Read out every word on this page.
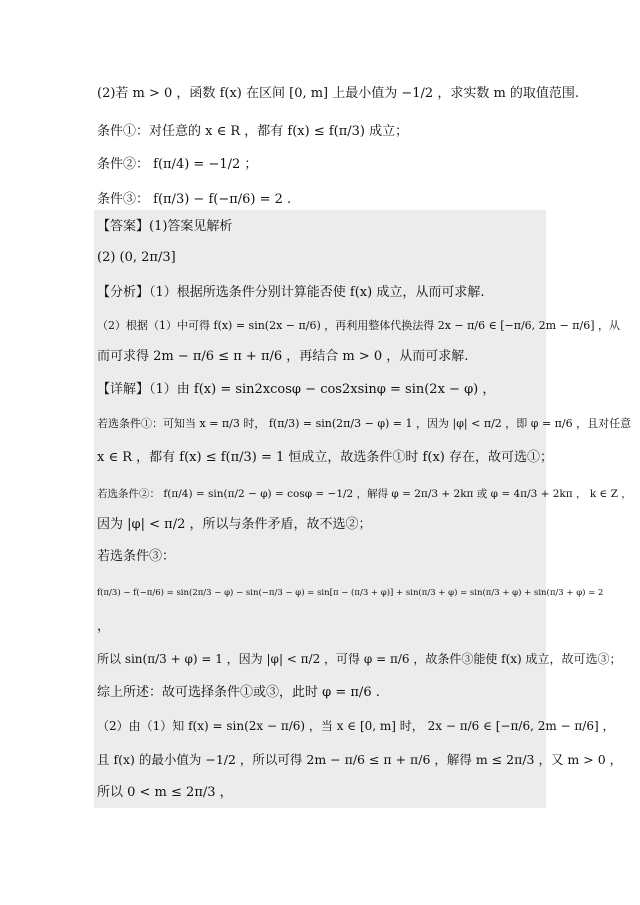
(2)若 m > 0 ，函数 f(x) 在区间 [0, m] 上最小值为 −1/2 ，求实数 m 的取值范围.
条件①：对任意的 x ∈ R ，都有 f(x) ≤ f(π/3) 成立；
条件②： f(π/4) = −1/2 ；
条件③： f(π/3) − f(−π/6) = 2 .
【答案】 (1)答案见解析
(2) (0, 2π/3]
【分析】（1）根据所选条件分别计算能否使 f(x) 成立，从而可求解.
（2）根据（1）中可得 f(x) = sin(2x − π/6) ，再利用整体代换法得 2x − π/6 ∈ [−π/6, 2m − π/6] ，从
而可求得 2m − π/6 ≤ π + π/6 ，再结合 m > 0 ，从而可求解.
【详解】（1）由 f(x) = sin2xcosφ − cos2xsinφ = sin(2x − φ) ，
若选条件①：可知当 x = π/3 时， f(π/3) = sin(2π/3 − φ) = 1 ，因为 |φ| < π/2 ，即 φ = π/6 ，且对任意
x ∈ R ，都有 f(x) ≤ f(π/3) = 1 恒成立，故选条件①时 f(x) 存在，故可选①；
若选条件②： f(π/4) = sin(π/2 − φ) = cosφ = −1/2 ，解得 φ = 2π/3 + 2kπ 或 φ = 4π/3 + 2kπ ， k ∈ Z ，
因为 |φ| < π/2 ，所以与条件矛盾，故不选②；
若选条件③：
f(π/3) − f(−π/6) = sin(2π/3 − φ) − sin(−π/3 − φ) = sin[π − (π/3 + φ)] + sin(π/3 + φ) = sin(π/3 + φ) + sin(π/3 + φ) = 2
，
所以 sin(π/3 + φ) = 1 ，因为 |φ| < π/2 ，可得 φ = π/6 ，故条件③能使 f(x) 成立，故可选③；
综上所述：故可选择条件①或③，此时 φ = π/6 .
（2）由（1）知 f(x) = sin(2x − π/6) ，当 x ∈ [0, m] 时， 2x − π/6 ∈ [−π/6, 2m − π/6] ，
且 f(x) 的最小值为 −1/2 ，所以可得 2m − π/6 ≤ π + π/6 ，解得 m ≤ 2π/3 ，又 m > 0 ，
所以 0 < m ≤ 2π/3 ，
